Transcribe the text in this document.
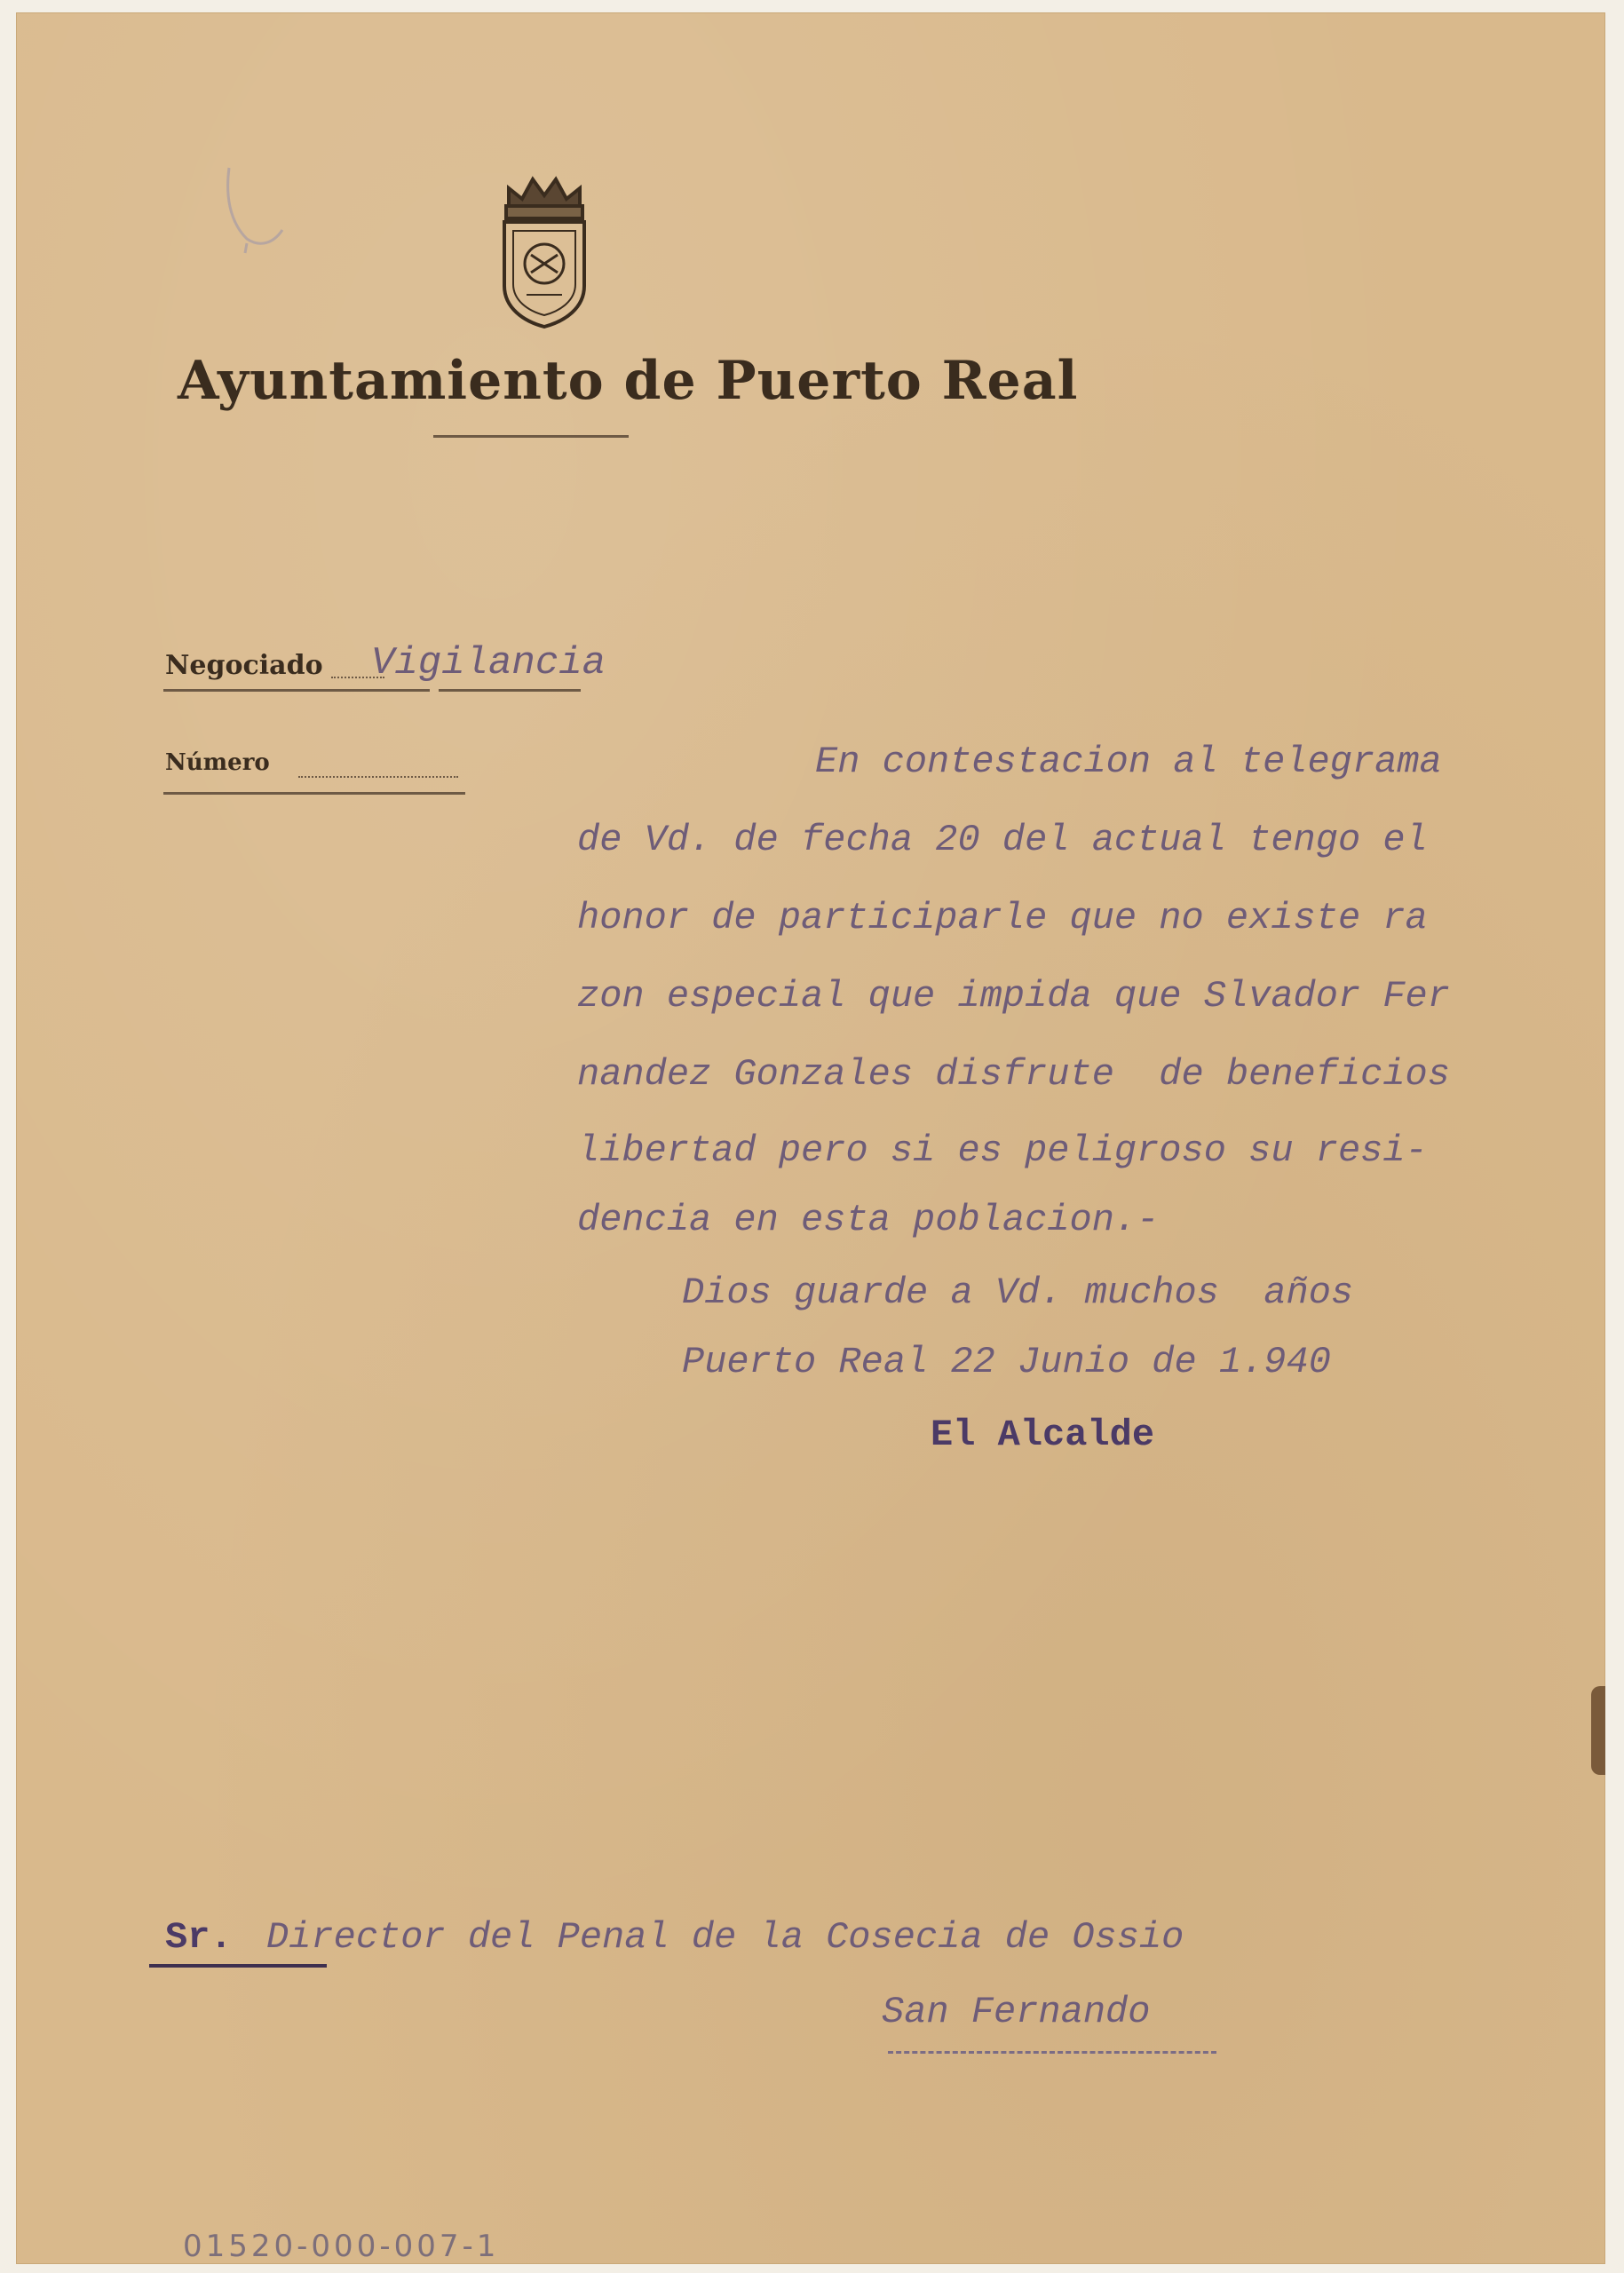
Ayuntamiento de Puerto Real
Negociado Vigilancia
Número	En contestacion al telegrama
de Vd. de fecha 20 del actual tengo el
honor de participarle que no existe ra
zon especial que impida que Slvador Fer
nandez Gonzales disfrute  de beneficios
libertad pero si es peligroso su resi-
dencia en esta poblacion.-
Dios guarde a Vd. muchos  años
Puerto Real 22 Junio de 1.940
El Alcalde
Sr. Director del Penal de la Cosecia de Ossio
San Fernando
01520-000-007-1
